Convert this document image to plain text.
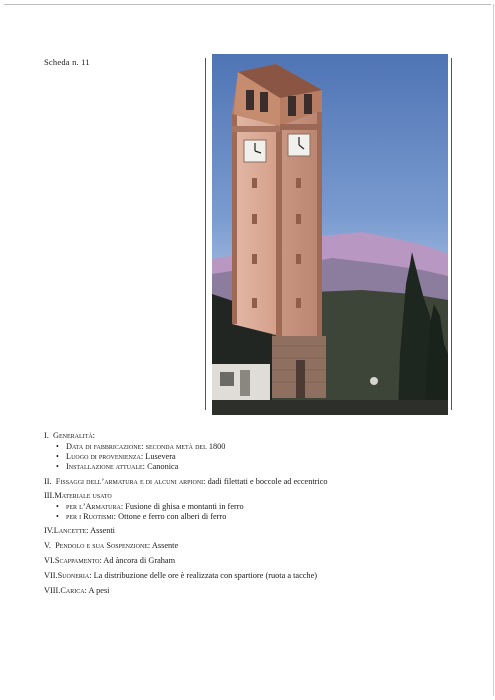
Scheda n. 11
I. Generalità:
• Data di fabbricazione: seconda metà del 1800
• Luogo di provenienza: Lusevera
• Installazione attuale: Canonica
II. Fissaggi dell’armatura e di alcuni arpioni: dadi filettati e boccole ad eccentrico
III.Materiale usato
• per l’Armatura: Fusione di ghisa e montanti in ferro
• per i Ruotismi: Ottone e ferro con alberi di ferro
IV.Lancette: Assenti
V. Pendolo e sua Sospenzione: Assente
VI.Scappamento: Ad àncora di Graham
VII.Suoneria: La distribuzione delle ore è realizzata con spartiore (ruota a tacche)
VIII.Carica: A pesi
